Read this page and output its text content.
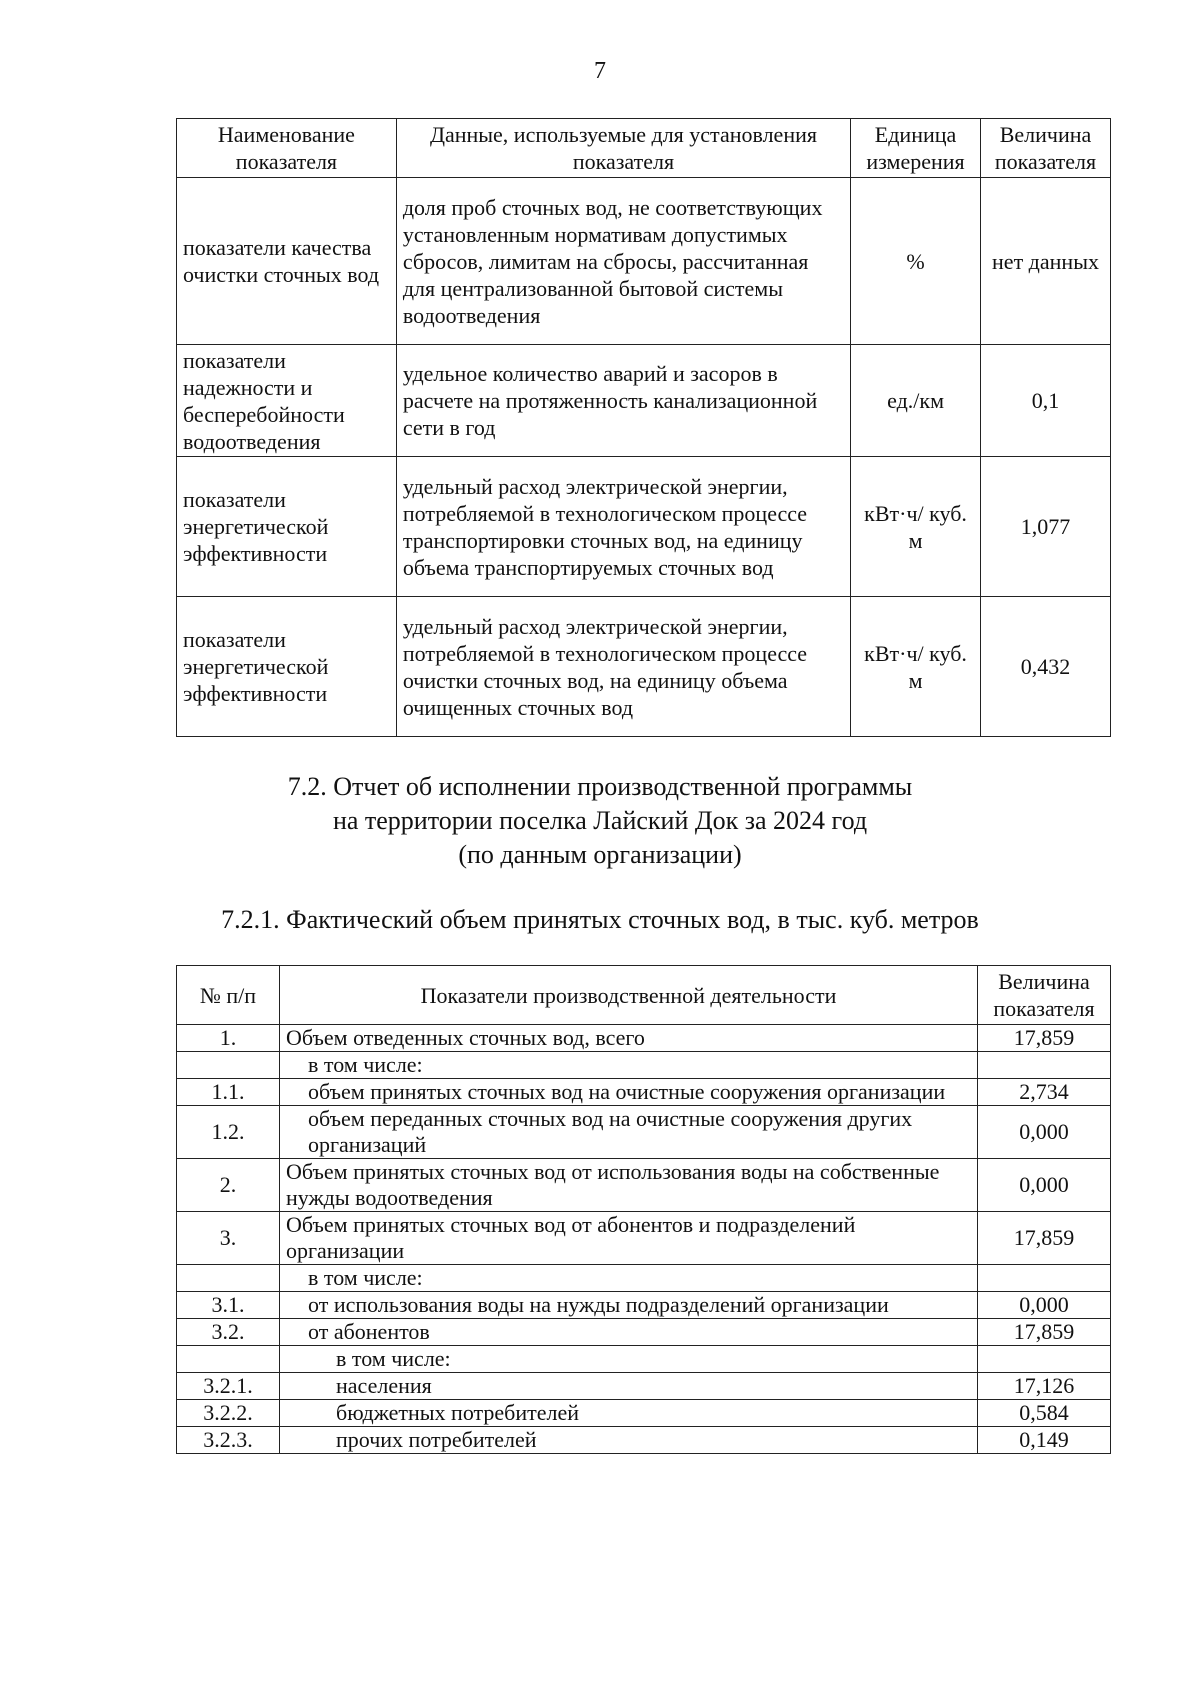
7
Наименование показателя	Данные, используемые для установления показателя	Единица измерения	Величина показателя
показатели качества очистки сточных вод	доля проб сточных вод, не соответствующих установленным нормативам допустимых сбросов, лимитам на сбросы, рассчитанная для централизованной бытовой системы водоотведения	%	нет данных
показатели надежности и бесперебойности водоотведения	удельное количество аварий и засоров в расчете на протяженность канализационной сети в год	ед./км	0,1
показатели энергетической эффективности	удельный расход электрической энергии, потребляемой в технологическом процессе транспортировки сточных вод, на единицу объема транспортируемых сточных вод	кВт·ч/ куб. м	1,077
показатели энергетической эффективности	удельный расход электрической энергии, потребляемой в технологическом процессе очистки сточных вод, на единицу объема очищенных сточных вод	кВт·ч/ куб. м	0,432
7.2. Отчет об исполнении производственной программы
на территории поселка Лайский Док за 2024 год
(по данным организации)
7.2.1. Фактический объем принятых сточных вод, в тыс. куб. метров
№ п/п	Показатели производственной деятельности	Величина показателя
1.	Объем отведенных сточных вод, всего	17,859
	в том числе:	
1.1.	объем принятых сточных вод на очистные сооружения организации	2,734
1.2.	объем переданных сточных вод на очистные сооружения других организаций	0,000
2.	Объем принятых сточных вод от использования воды на собственные нужды водоотведения	0,000
3.	Объем принятых сточных вод от абонентов и подразделений организации	17,859
	в том числе:	
3.1.	от использования воды на нужды подразделений организации	0,000
3.2.	от абонентов	17,859
	в том числе:	
3.2.1.	населения	17,126
3.2.2.	бюджетных потребителей	0,584
3.2.3.	прочих потребителей	0,149
